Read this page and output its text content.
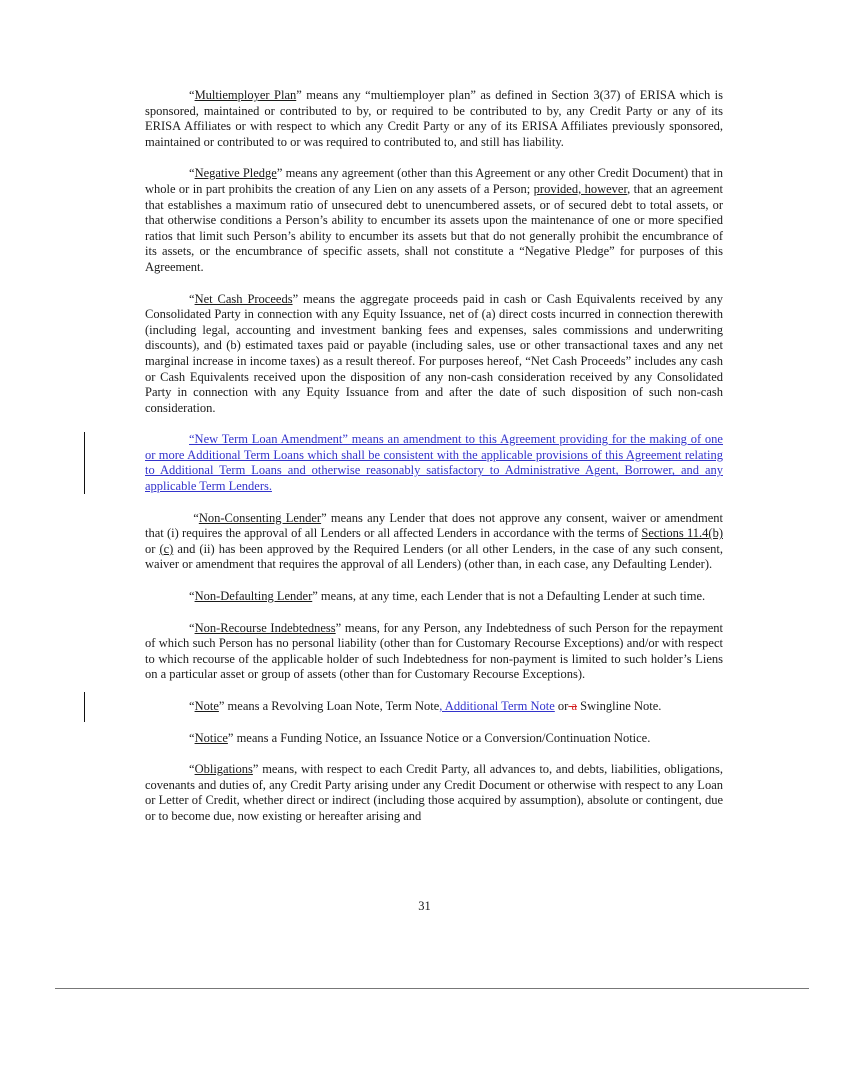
“Multiemployer Plan” means any “multiemployer plan” as defined in Section 3(37) of ERISA which is sponsored, maintained or contributed to by, or required to be contributed to by, any Credit Party or any of its ERISA Affiliates or with respect to which any Credit Party or any of its ERISA Affiliates previously sponsored, maintained or contributed to or was required to contributed to, and still has liability.

“Negative Pledge” means any agreement (other than this Agreement or any other Credit Document) that in whole or in part prohibits the creation of any Lien on any assets of a Person; provided, however, that an agreement that establishes a maximum ratio of unsecured debt to unencumbered assets, or of secured debt to total assets, or that otherwise conditions a Person’s ability to encumber its assets upon the maintenance of one or more specified ratios that limit such Person’s ability to encumber its assets but that do not generally prohibit the encumbrance of its assets, or the encumbrance of specific assets, shall not constitute a “Negative Pledge” for purposes of this Agreement.

“Net Cash Proceeds” means the aggregate proceeds paid in cash or Cash Equivalents received by any Consolidated Party in connection with any Equity Issuance, net of (a) direct costs incurred in connection therewith (including legal, accounting and investment banking fees and expenses, sales commissions and underwriting discounts), and (b) estimated taxes paid or payable (including sales, use or other transactional taxes and any net marginal increase in income taxes) as a result thereof. For purposes hereof, “Net Cash Proceeds” includes any cash or Cash Equivalents received upon the disposition of any non-cash consideration received by any Consolidated Party in connection with any Equity Issuance from and after the date of such disposition of such non-cash consideration.

“New Term Loan Amendment” means an amendment to this Agreement providing for the making of one or more Additional Term Loans which shall be consistent with the applicable provisions of this Agreement relating to Additional Term Loans and otherwise reasonably satisfactory to Administrative Agent, Borrower, and any applicable Term Lenders.

“Non-Consenting Lender” means any Lender that does not approve any consent, waiver or amendment that (i) requires the approval of all Lenders or all affected Lenders in accordance with the terms of Sections 11.4(b) or (c) and (ii) has been approved by the Required Lenders (or all other Lenders, in the case of any such consent, waiver or amendment that requires the approval of all Lenders) (other than, in each case, any Defaulting Lender).

“Non-Defaulting Lender” means, at any time, each Lender that is not a Defaulting Lender at such time.

“Non-Recourse Indebtedness” means, for any Person, any Indebtedness of such Person for the repayment of which such Person has no personal liability (other than for Customary Recourse Exceptions) and/or with respect to which recourse of the applicable holder of such Indebtedness for non-payment is limited to such holder’s Liens on a particular asset or group of assets (other than for Customary Recourse Exceptions).

“Note” means a Revolving Loan Note, Term Note, Additional Term Note or a Swingline Note.

“Notice” means a Funding Notice, an Issuance Notice or a Conversion/Continuation Notice.

“Obligations” means, with respect to each Credit Party, all advances to, and debts, liabilities, obligations, covenants and duties of, any Credit Party arising under any Credit Document or otherwise with respect to any Loan or Letter of Credit, whether direct or indirect (including those acquired by assumption), absolute or contingent, due or to become due, now existing or hereafter arising and

31
